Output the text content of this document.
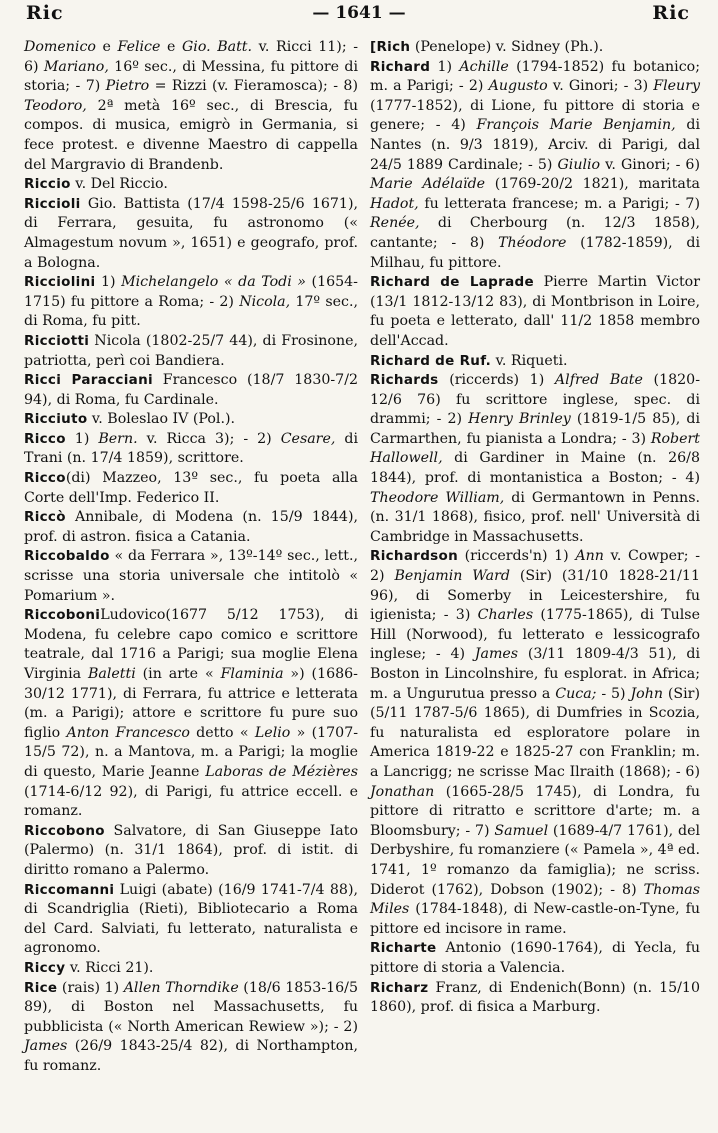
Ric	— 1641 —	Ric

Domenico e Felice e Gio. Batt. v. Ricci 11); - 6) Mariano, 16º sec., di Messina, fu pittore di storia; - 7) Pietro = Rizzi (v. Fieramosca); - 8) Teodoro, 2ª metà 16º sec., di Brescia, fu compos. di musica, emigrò in Germania, si fece protest. e divenne Maestro di cappella del Margravio di Brandenb.

Riccio v. Del Riccio.

Riccioli Gio. Battista (17/4 1598-25/6 1671), di Ferrara, gesuita, fu astronomo (« Almagestum novum », 1651) e geografo, prof. a Bologna.

Ricciolini 1) Michelangelo « da Todi » (1654-1715) fu pittore a Roma; - 2) Nicola, 17º sec., di Roma, fu pitt.

Ricciotti Nicola (1802-25/7 44), di Frosinone, patriotta, perì coi Bandiera.

Ricci Paracciani Francesco (18/7 1830-7/2 94), di Roma, fu Cardinale.

Ricciuto v. Boleslao IV (Pol.).

Ricco 1) Bern. v. Ricca 3); - 2) Cesare, di Trani (n. 17/4 1859), scrittore.

Ricco(di) Mazzeo, 13º sec., fu poeta alla Corte dell'Imp. Federico II.

Riccò Annibale, di Modena (n. 15/9 1844), prof. di astron. fisica a Catania.

Riccobaldo « da Ferrara », 13º-14º sec., lett., scrisse una storia universale che intitolò « Pomarium ».

RiccoboniLudovico(1677 5/12 1753), di Modena, fu celebre capo comico e scrittore teatrale, dal 1716 a Parigi; sua moglie Elena Virginia Baletti (in arte « Flaminia ») (1686-30/12 1771), di Ferrara, fu attrice e letterata (m. a Parigi); attore e scrittore fu pure suo figlio Anton Francesco detto « Lelio » (1707-15/5 72), n. a Mantova, m. a Parigi; la moglie di questo, Marie Jeanne Laboras de Mézières (1714-6/12 92), di Parigi, fu attrice eccell. e romanz.

Riccobono Salvatore, di San Giuseppe Iato (Palermo) (n. 31/1 1864), prof. di istit. di diritto romano a Palermo.

Riccomanni Luigi (abate) (16/9 1741-7/4 88), di Scandriglia (Rieti), Bibliotecario a Roma del Card. Salviati, fu letterato, naturalista e agronomo.

Riccy v. Ricci 21).

Rice (rais) 1) Allen Thorndike (18/6 1853-16/5 89), di Boston nel Massachusetts, fu pubblicista (« North American Rewiew »); - 2) James (26/9 1843-25/4 82), di Northampton, fu romanz.

[Rich (Penelope) v. Sidney (Ph.).

Richard 1) Achille (1794-1852) fu botanico; m. a Parigi; - 2) Augusto v. Ginori; - 3) Fleury (1777-1852), di Lione, fu pittore di storia e genere; - 4) François Marie Benjamin, di Nantes (n. 9/3 1819), Arciv. di Parigi, dal 24/5 1889 Cardinale; - 5) Giulio v. Ginori; - 6) Marie Adélaïde (1769-20/2 1821), maritata Hadot, fu letterata francese; m. a Parigi; - 7) Renée, di Cherbourg (n. 12/3 1858), cantante; - 8) Théodore (1782-1859), di Milhau, fu pittore.

Richard de Laprade Pierre Martin Victor (13/1 1812-13/12 83), di Montbrison in Loire, fu poeta e letterato, dall' 11/2 1858 membro dell'Accad.

Richard de Ruf. v. Riqueti.

Richards (riccerds) 1) Alfred Bate (1820-12/6 76) fu scrittore inglese, spec. di drammi; - 2) Henry Brinley (1819-1/5 85), di Carmarthen, fu pianista a Londra; - 3) Robert Hallowell, di Gardiner in Maine (n. 26/8 1844), prof. di montanistica a Boston; - 4) Theodore William, di Germantown in Penns. (n. 31/1 1868), fisico, prof. nell' Università di Cambridge in Massachusetts.

Richardson (riccerds'n) 1) Ann v. Cowper; - 2) Benjamin Ward (Sir) (31/10 1828-21/11 96), di Somerby in Leicestershire, fu igienista; - 3) Charles (1775-1865), di Tulse Hill (Norwood), fu letterato e lessicografo inglese; - 4) James (3/11 1809-4/3 51), di Boston in Lincolnshire, fu esplorat. in Africa; m. a Ungurutua presso a Cuca; - 5) John (Sir) (5/11 1787-5/6 1865), di Dumfries in Scozia, fu naturalista ed esploratore polare in America 1819-22 e 1825-27 con Franklin; m. a Lancrigg; ne scrisse Mac Ilraith (1868); - 6) Jonathan (1665-28/5 1745), di Londra, fu pittore di ritratto e scrittore d'arte; m. a Bloomsbury; - 7) Samuel (1689-4/7 1761), del Derbyshire, fu romanziere (« Pamela », 4ª ed. 1741, 1º romanzo da famiglia); ne scriss. Diderot (1762), Dobson (1902); - 8) Thomas Miles (1784-1848), di New-castle-on-Tyne, fu pittore ed incisore in rame.

Richarte Antonio (1690-1764), di Yecla, fu pittore di storia a Valencia.

Richarz Franz, di Endenich(Bonn) (n. 15/10 1860), prof. di fisica a Marburg.
